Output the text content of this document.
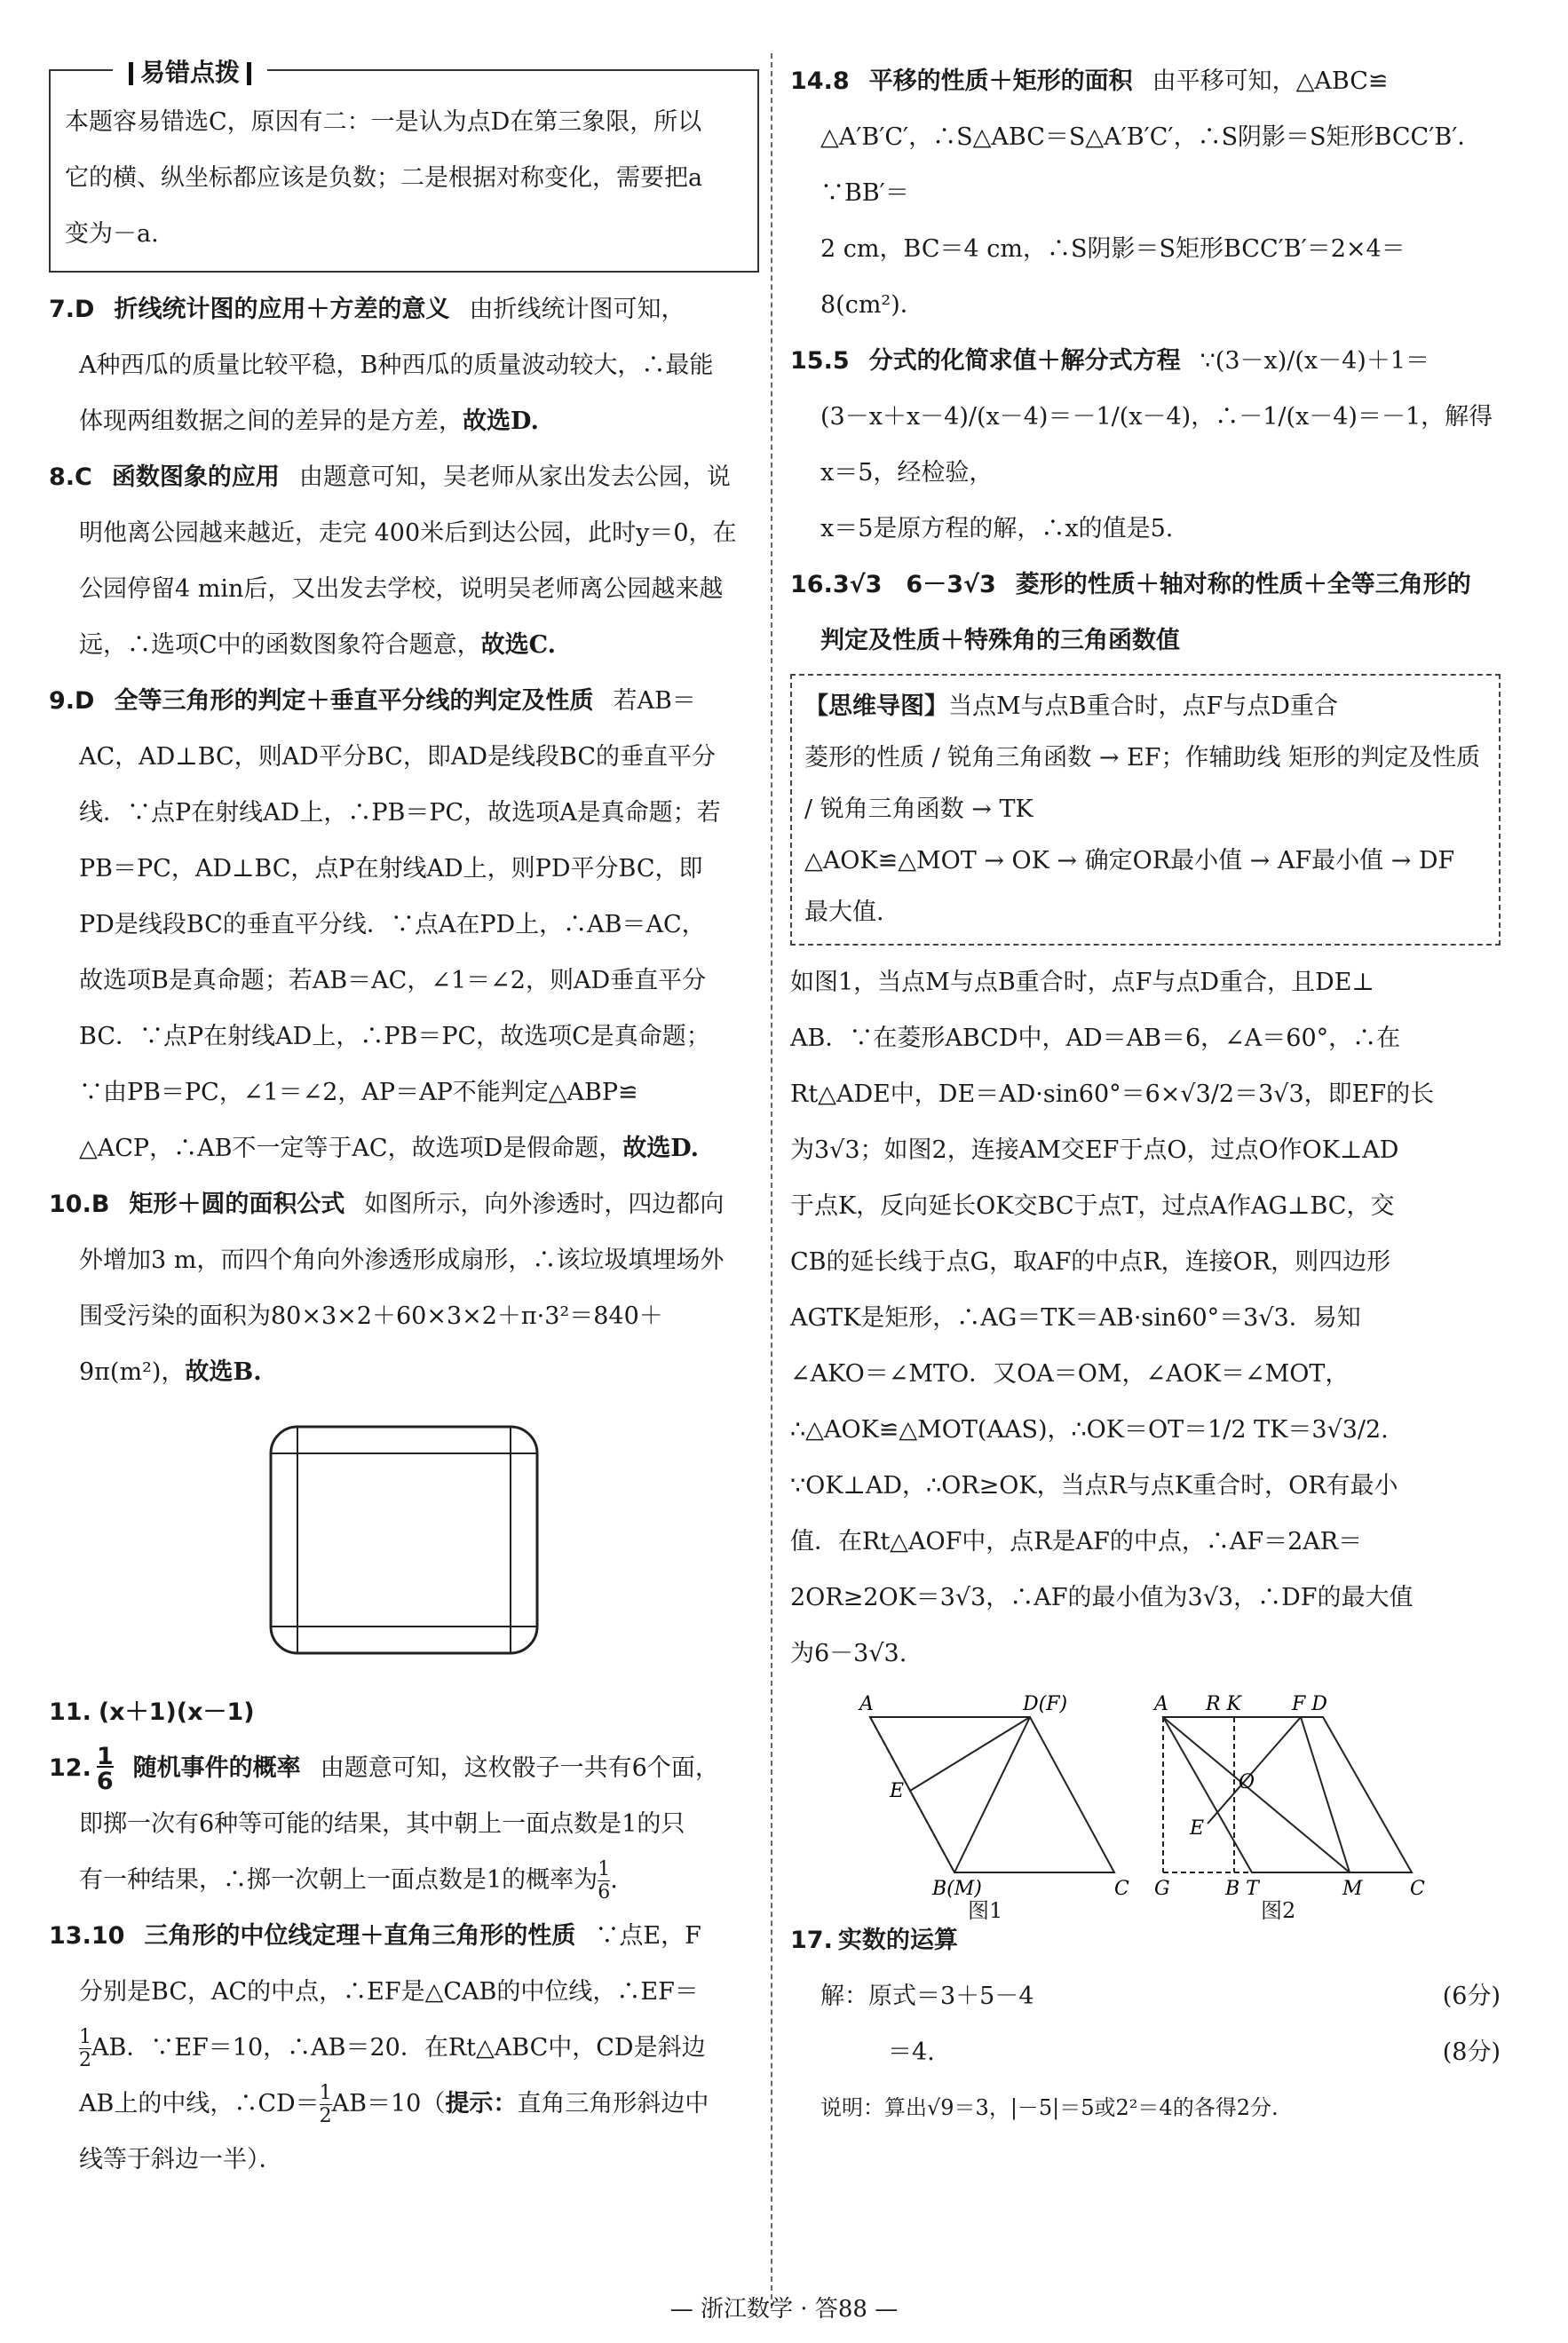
易错点拨

本题容易错选C，原因有二：一是认为点D在第三象限，所以

它的横、纵坐标都应该是负数；二是根据对称变化，需要把a

变为－a.

7.D 折线统计图的应用＋方差的意义 由折线统计图可知，

A种西瓜的质量比较平稳，B种西瓜的质量波动较大，∴最能

体现两组数据之间的差异的是方差，故选D.

8.C 函数图象的应用 由题意可知，吴老师从家出发去公园，说

明他离公园越来越近，走完 400米后到达公园，此时y＝0，在

公园停留4 min后，又出发去学校，说明吴老师离公园越来越

远，∴选项C中的函数图象符合题意，故选C.

9.D 全等三角形的判定＋垂直平分线的判定及性质 若AB＝

AC，AD⊥BC，则AD平分BC，即AD是线段BC的垂直平分

线．∵点P在射线AD上，∴PB＝PC，故选项A是真命题；若

PB＝PC，AD⊥BC，点P在射线AD上，则PD平分BC，即

PD是线段BC的垂直平分线．∵点A在PD上，∴AB＝AC，

故选项B是真命题；若AB＝AC，∠1＝∠2，则AD垂直平分

BC．∵点P在射线AD上，∴PB＝PC，故选项C是真命题；

∵由PB＝PC，∠1＝∠2，AP＝AP不能判定△ABP≌

△ACP，∴AB不一定等于AC，故选项D是假命题，故选D.

10.B 矩形＋圆的面积公式 如图所示，向外渗透时，四边都向

外增加3 m，而四个角向外渗透形成扇形，∴该垃圾填埋场外

围受污染的面积为80×3×2＋60×3×2＋π·3²＝840＋

9π(m²)，故选B.

11. (x＋1)(x－1)

12. $\frac{1}{6}$ 随机事件的概率 由题意可知，这枚骰子一共有6个面，

即掷一次有6种等可能的结果，其中朝上一面点数是1的只

有一种结果，∴掷一次朝上一面点数是1的概率为$\frac{1}{6}$.

13.10 三角形的中位线定理＋直角三角形的性质 ∵点E，F

分别是BC，AC的中点，∴EF是△CAB的中位线，∴EF＝

1
2AB．∵EF＝10，∴AB＝20．在Rt△ABC中，CD是斜边

AB上的中线，∴CD＝1
2AB＝10（提示：直角三角形斜边中

线等于斜边一半）．

14.8 平移的性质＋矩形的面积 由平移可知，△ABC≌

△A′B′C′，∴S△ABC＝S△A′B′C′，∴S阴影＝S矩形BCC′B′．∵BB′＝

2 cm，BC＝4 cm，∴S阴影＝S矩形BCC′B′＝2×4＝8(cm²)．

15.5 分式的化简求值＋解分式方程 ∵(3－x)/(x－4)＋1＝

(3－x＋x－4)/(x－4)＝－1/(x－4)，∴－1/(x－4)＝－1，解得x＝5，经检验，

x＝5是原方程的解，∴x的值是5.

16.3√3　6－3√3 菱形的性质＋轴对称的性质＋全等三角形的

判定及性质＋特殊角的三角函数值

【思维导图】当点M与点B重合时，点F与点D重合

菱形的性质 / 锐角三角函数 → EF；作辅助线 矩形的判定及性质 / 锐角三角函数 → TK

△AOK≌△MOT → OK → 确定OR最小值 → AF最小值 → DF

最大值.

如图1，当点M与点B重合时，点F与点D重合，且DE⊥

AB．∵在菱形ABCD中，AD＝AB＝6，∠A＝60°，∴在

Rt△ADE中，DE＝AD·sin60°＝6×√3/2＝3√3，即EF的长

为3√3；如图2，连接AM交EF于点O，过点O作OK⊥AD

于点K，反向延长OK交BC于点T，过点A作AG⊥BC，交

CB的延长线于点G，取AF的中点R，连接OR，则四边形

AGTK是矩形，∴AG＝TK＝AB·sin60°＝3√3．易知

∠AKO＝∠MTO．又OA＝OM，∠AOK＝∠MOT，

∴△AOK≌△MOT(AAS)，∴OK＝OT＝1/2 TK＝3√3/2.

∵OK⊥AD，∴OR≥OK，当点R与点K重合时，OR有最小

值．在Rt△AOF中，点R是AF的中点，∴AF＝2AR＝

2OR≥2OK＝3√3，∴AF的最小值为3√3，∴DF的最大值

为6－3√3.

A	D(F)
E
B(M)	C
A R K	F D
O
E
G	B T	M C
图1	图2

17. 实数的运算

解：原式＝3＋5－4	(6分)

＝4.	(8分)

说明：算出√9＝3，|－5|＝5或2²＝4的各得2分.

— 浙江数学 · 答88 —
